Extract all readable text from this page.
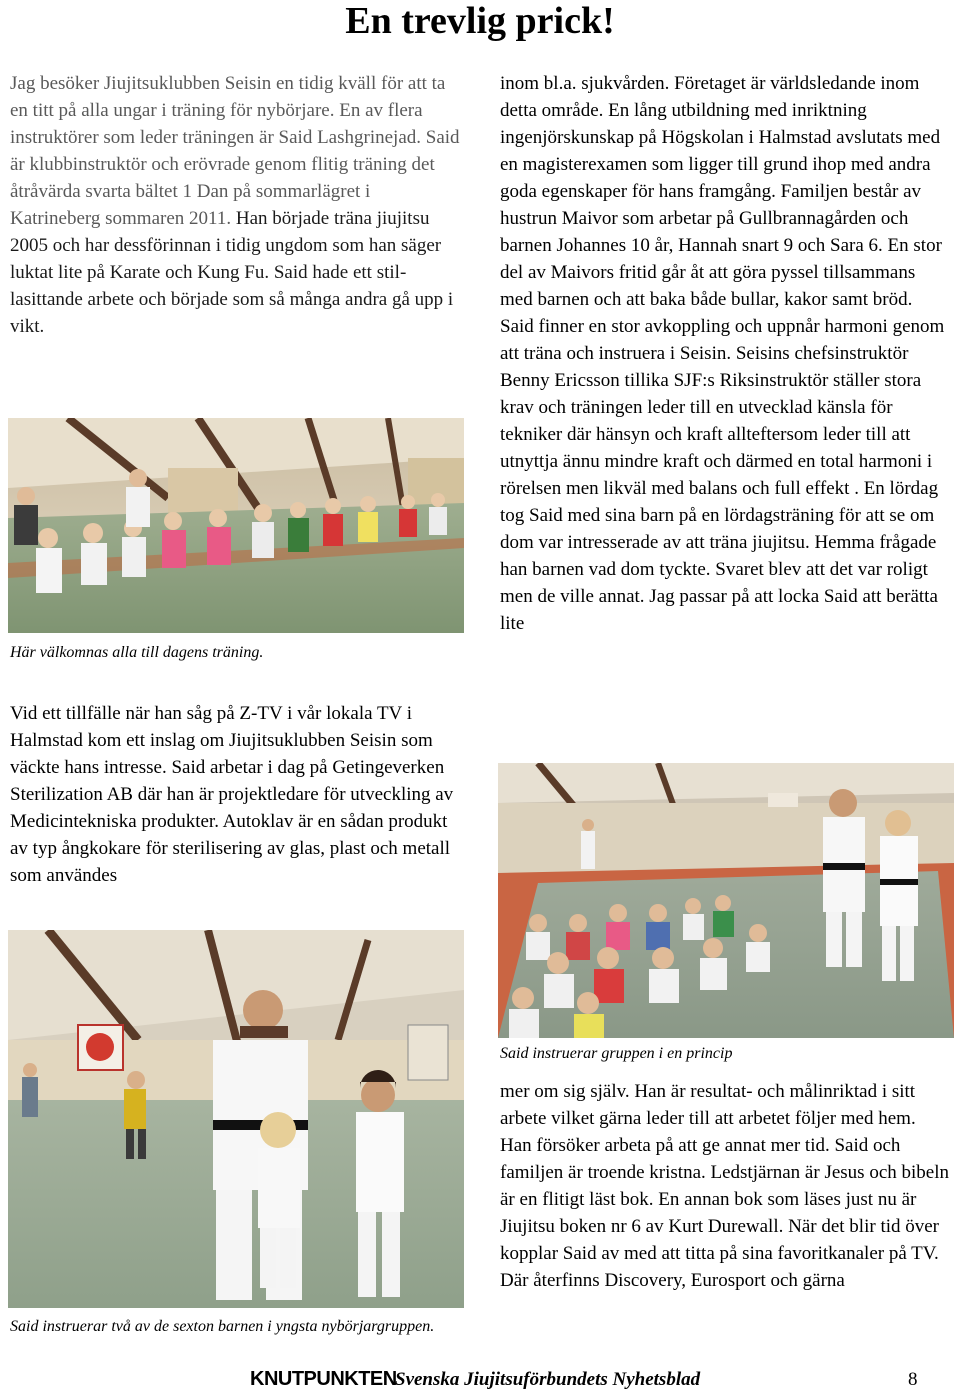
En trevlig prick!

Jag besöker Jiujitsuklubben Seisin en tidig kväll för att ta en titt på alla ungar i träning för nybörjare. En av flera instruktörer som leder träningen är Said Lashgrinejad. Said är klubbinstruktör och erövrade genom flitig träning det åtråvärda svarta bältet 1 Dan på sommarlägret i Katrineberg sommaren 2011. Han började träna jiujitsu 2005 och har dessförinnan i tidig ungdom som han säger luktat lite på Karate och Kung Fu. Said hade ett stillasittande arbete och började som så många andra gå upp i vikt.

Här välkomnas alla till dagens träning.

Vid ett tillfälle när han såg på Z-TV i vår lokala TV i Halmstad kom ett inslag om Jiujitsuklubben Seisin som väckte hans intresse. Said arbetar i dag på Getingeverken Sterilization AB där han är projektledare för utveckling av Medicintekniska produkter. Autoklav är en sådan produkt av typ ångkokare för sterilisering av glas, plast och metall som användes

Said instruerar två av de sexton barnen i yngsta nybörjargruppen.

inom bl.a. sjukvården. Företaget är världsledande inom detta område. En lång utbildning med inriktning ingenjörskunskap på Högskolan i Halmstad avslutats med en magisterexamen som ligger till grund ihop med andra goda egenskaper för hans framgång. Familjen består av hustrun Maivor som arbetar på Gullbrannagården och barnen Johannes 10 år, Hannah snart 9 och Sara 6. En stor del av Maivors fritid går åt att göra pyssel tillsammans med barnen och att baka både bullar, kakor samt bröd. Said finner en stor avkoppling och uppnår harmoni genom att träna och instruera i Seisin. Seisins chefsinstruktör Benny Ericsson tillika SJF:s Riksinstruktör ställer stora krav och träningen leder till en utvecklad känsla för tekniker där hänsyn och kraft allteftersom leder till att utnyttja ännu mindre kraft och därmed en total harmoni i rörelsen men likväl med balans och full effekt . En lördag tog Said med sina barn på en lördagsträning för att se om dom var intresserade av att träna jiujitsu. Hemma frågade han barnen vad dom tyckte. Svaret blev att det var roligt men de ville annat. Jag passar på att locka Said att berätta lite

Said instruerar gruppen i en princip

mer om sig själv. Han är resultat- och målinriktad i sitt arbete vilket gärna leder till att arbetet följer med hem. Han försöker arbeta på att ge annat mer tid. Said och familjen är troende kristna. Ledstjärnan är Jesus och bibeln är en flitigt läst bok. En annan bok som läses just nu är Jiujitsu boken nr 6 av Kurt Durewall. När det blir tid över kopplar Said av med att titta på sina favoritkanaler på TV. Där återfinns Discovery, Eurosport och gärna

KNUTPUNKTEN
Svenska Jiujitsuförbundets Nyhetsblad	8
